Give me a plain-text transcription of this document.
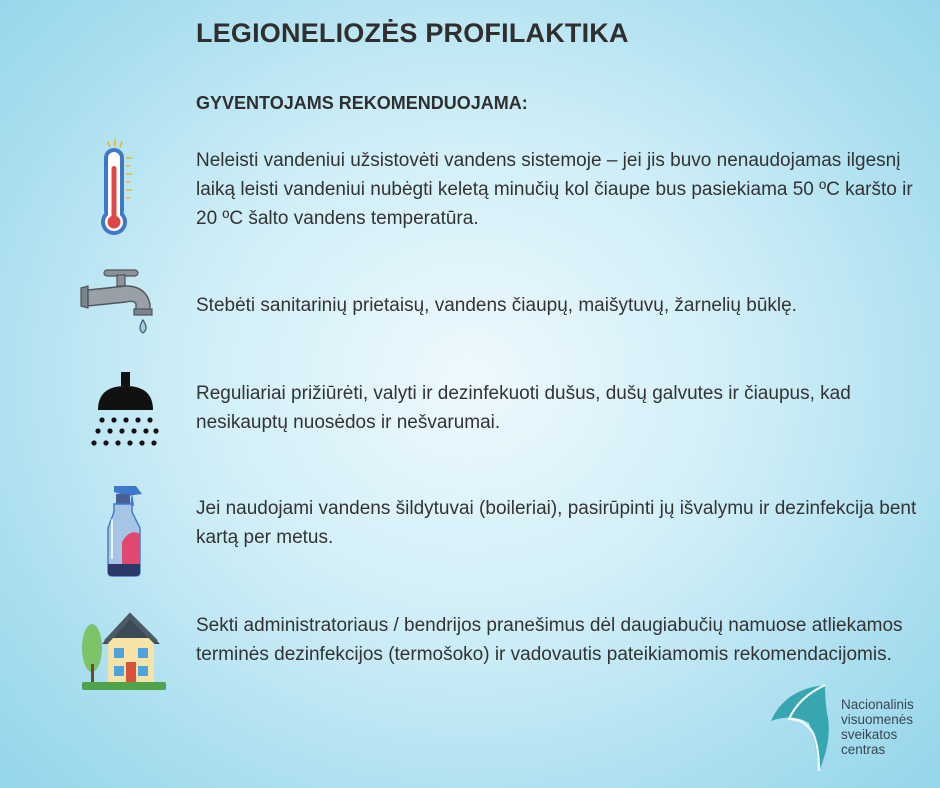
LEGIONELIOZĖS PROFILAKTIKA
GYVENTOJAMS REKOMENDUOJAMA:
Neleisti vandeniui užsistovėti vandens sistemoje – jei jis buvo nenaudojamas ilgesnį laiką leisti vandeniui nubėgti keletą minučių kol čiaupe bus pasiekiama 50 ºC karšto ir 20 ºC šalto vandens temperatūra.
Stebėti sanitarinių prietaisų, vandens čiaupų, maišytuvų, žarnelių būklę.
Reguliariai prižiūrėti, valyti ir dezinfekuoti dušus, dušų galvutes ir čiaupus, kad nesikauptų nuosėdos ir nešvarumai.
Jei naudojami vandens šildytuvai (boileriai), pasirūpinti jų išvalymu ir dezinfekcija bent kartą per metus.
Sekti administratoriaus / bendrijos pranešimus dėl daugiabučių namuose atliekamos terminės dezinfekcijos (termošoko) ir vadovautis pateikiamomis rekomendacijomis.
Nacionalinis
visuomenės
sveikatos
centras
